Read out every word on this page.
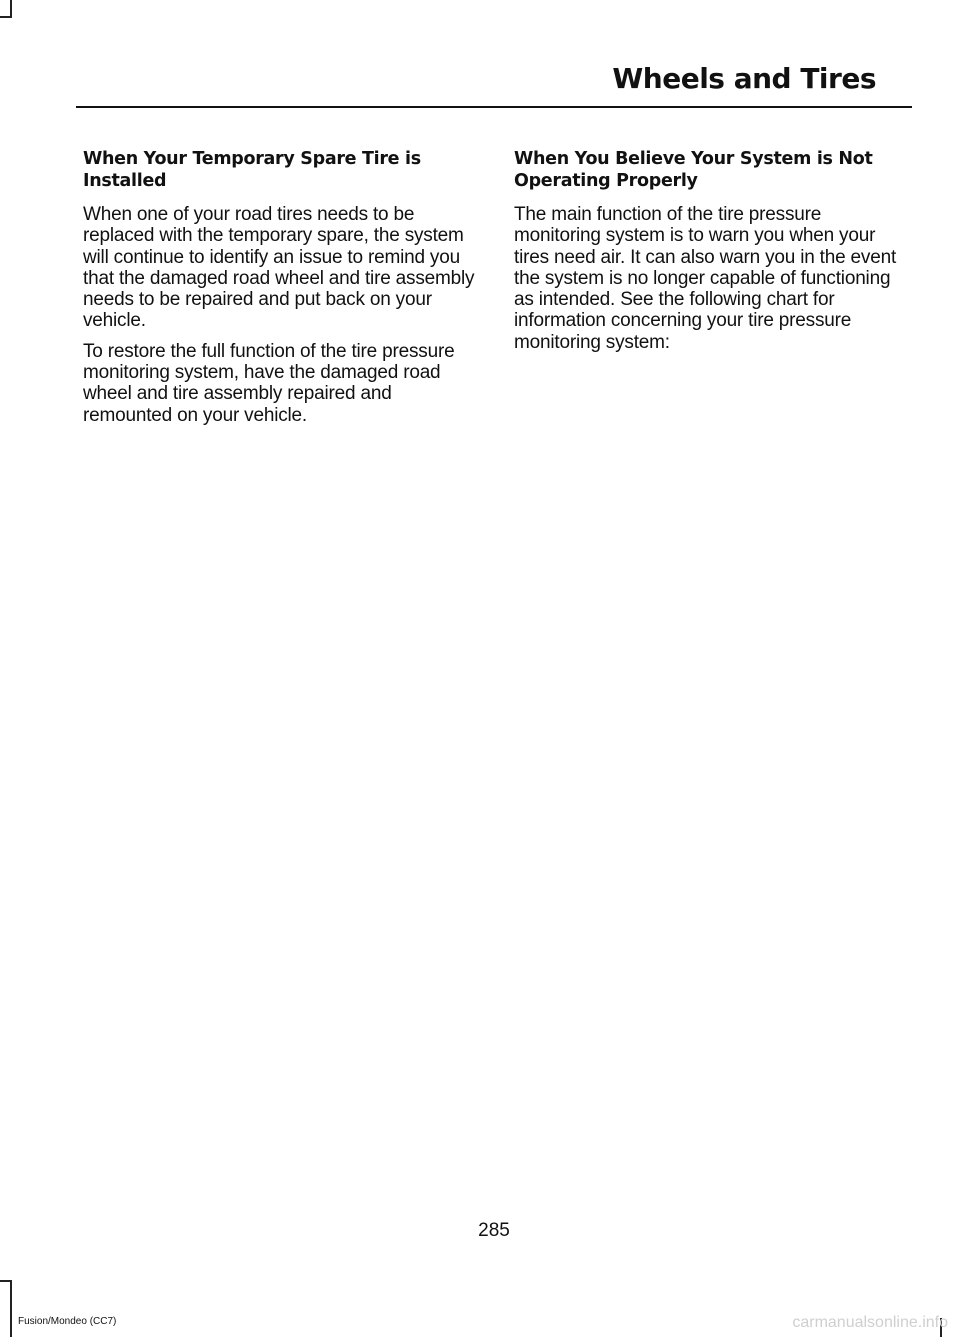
Wheels and Tires
When Your Temporary Spare Tire is Installed

When one of your road tires needs to be replaced with the temporary spare, the system will continue to identify an issue to remind you that the damaged road wheel and tire assembly needs to be repaired and put back on your vehicle.

To restore the full function of the tire pressure monitoring system, have the damaged road wheel and tire assembly repaired and remounted on your vehicle.

When You Believe Your System is Not Operating Properly

The main function of the tire pressure monitoring system is to warn you when your tires need air. It can also warn you in the event the system is no longer capable of functioning as intended. See the following chart for information concerning your tire pressure monitoring system:

285

Fusion/Mondeo (CC7)	carmanualsonline.info
